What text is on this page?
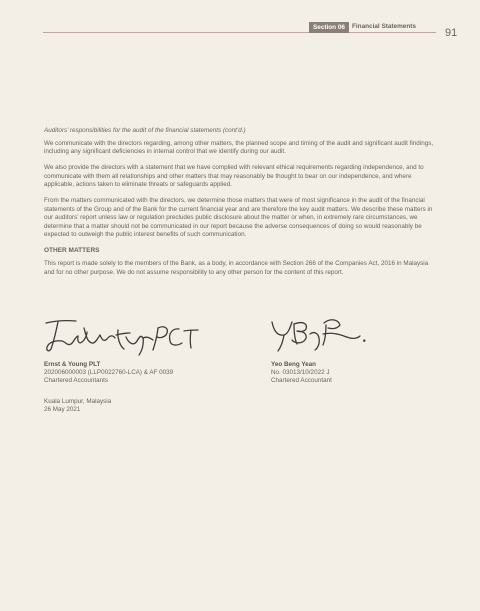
Section 06	Financial Statements
91

Auditors’ responsibilities for the audit of the financial statements (cont’d.)

We communicate with the directors regarding, among other matters, the planned scope and timing of the audit and significant audit findings, including any significant deficiencies in internal control that we identify during our audit.

We also provide the directors with a statement that we have complied with relevant ethical requirements regarding independence, and to communicate with them all relationships and other matters that may reasonably be thought to bear on our independence, and where applicable, actions taken to eliminate threats or safeguards applied.

From the matters communicated with the directors, we determine those matters that were of most significance in the audit of the financial statements of the Group and of the Bank for the current financial year and are therefore the key audit matters. We describe these matters in our auditors’ report unless law or regulation precludes public disclosure about the matter or when, in extremely rare circumstances, we determine that a matter should not be communicated in our report because the adverse consequences of doing so would reasonably be expected to outweigh the public interest benefits of such communication.

OTHER MATTERS

This report is made solely to the members of the Bank, as a body, in accordance with Section 266 of the Companies Act, 2016 in Malaysia and for no other purpose. We do not assume responsibility to any other person for the content of this report.

Ernst & Young PLT
202006000003 (LLP0022760-LCA) & AF 0039
Chartered Accountants
Yeo Beng Yean
No. 03013/10/2022 J
Chartered Accountant
Kuala Lumpur, Malaysia
26 May 2021
